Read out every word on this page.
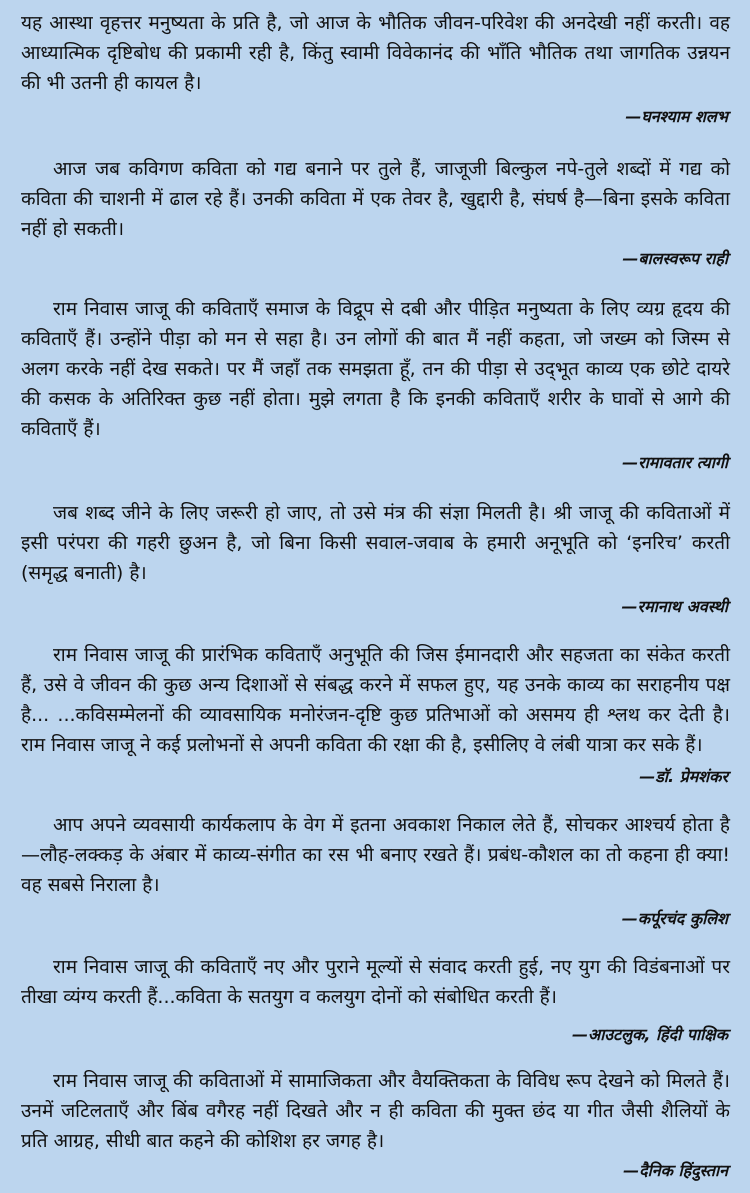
यह आस्था वृहत्तर मनुष्यता के प्रति है, जो आज के भौतिक जीवन-परिवेश की अनदेखी नहीं करती। वह आध्यात्मिक दृष्टिबोध की प्रकामी रही है, किंतु स्वामी विवेकानंद की भाँति भौतिक तथा जागतिक उन्नयन की भी उतनी ही कायल है।

—घनश्याम शलभ

आज जब कविगण कविता को गद्य बनाने पर तुले हैं, जाजूजी बिल्कुल नपे-तुले शब्दों में गद्य को कविता की चाशनी में ढाल रहे हैं। उनकी कविता में एक तेवर है, खुद्दारी है, संघर्ष है—बिना इसके कविता नहीं हो सकती।

—बालस्वरूप राही

राम निवास जाजू की कविताएँ समाज के विद्रूप से दबी और पीड़ित मनुष्यता के लिए व्यग्र हृदय की कविताएँ हैं। उन्होंने पीड़ा को मन से सहा है। उन लोगों की बात मैं नहीं कहता, जो जख्म को जिस्म से अलग करके नहीं देख सकते। पर मैं जहाँ तक समझता हूँ, तन की पीड़ा से उद्‌भूत काव्य एक छोटे दायरे की कसक के अतिरिक्त कुछ नहीं होता। मुझे लगता है कि इनकी कविताएँ शरीर के घावों से आगे की कविताएँ हैं।

—रामावतार त्यागी

जब शब्द जीने के लिए जरूरी हो जाए, तो उसे मंत्र की संज्ञा मिलती है। श्री जाजू की कविताओं में इसी परंपरा की गहरी छुअन है, जो बिना किसी सवाल-जवाब के हमारी अनूभूति को ‘इनरिच’ करती (समृद्ध बनाती) है।

—रमानाथ अवस्थी

राम निवास जाजू की प्रारंभिक कविताएँ अनुभूति की जिस ईमानदारी और सहजता का संकेत करती हैं, उसे वे जीवन की कुछ अन्य दिशाओं से संबद्ध करने में सफल हुए, यह उनके काव्य का सराहनीय पक्ष है... ...कविसम्मेलनों की व्यावसायिक मनोरंजन-दृष्टि कुछ प्रतिभाओं को असमय ही श्लथ कर देती है। राम निवास जाजू ने कई प्रलोभनों से अपनी कविता की रक्षा की है, इसीलिए वे लंबी यात्रा कर सके हैं।

—डॉ. प्रेमशंकर

आप अपने व्यवसायी कार्यकलाप के वेग में इतना अवकाश निकाल लेते हैं, सोचकर आश्चर्य होता है—लौह-लक्कड़ के अंबार में काव्य-संगीत का रस भी बनाए रखते हैं। प्रबंध-कौशल का तो कहना ही क्या! वह सबसे निराला है।

—कर्पूरचंद कुलिश

राम निवास जाजू की कविताएँ नए और पुराने मूल्यों से संवाद करती हुई, नए युग की विडंबनाओं पर तीखा व्यंग्य करती हैं...कविता के सतयुग व कलयुग दोनों को संबोधित करती हैं।

—आउटलुक, हिंदी पाक्षिक

राम निवास जाजू की कविताओं में सामाजिकता और वैयक्तिकता के विविध रूप देखने को मिलते हैं। उनमें जटिलताएँ और बिंब वगैरह नहीं दिखते और न ही कविता की मुक्त छंद या गीत जैसी शैलियों के प्रति आग्रह, सीधी बात कहने की कोशिश हर जगह है।

—दैनिक हिंदुस्तान
